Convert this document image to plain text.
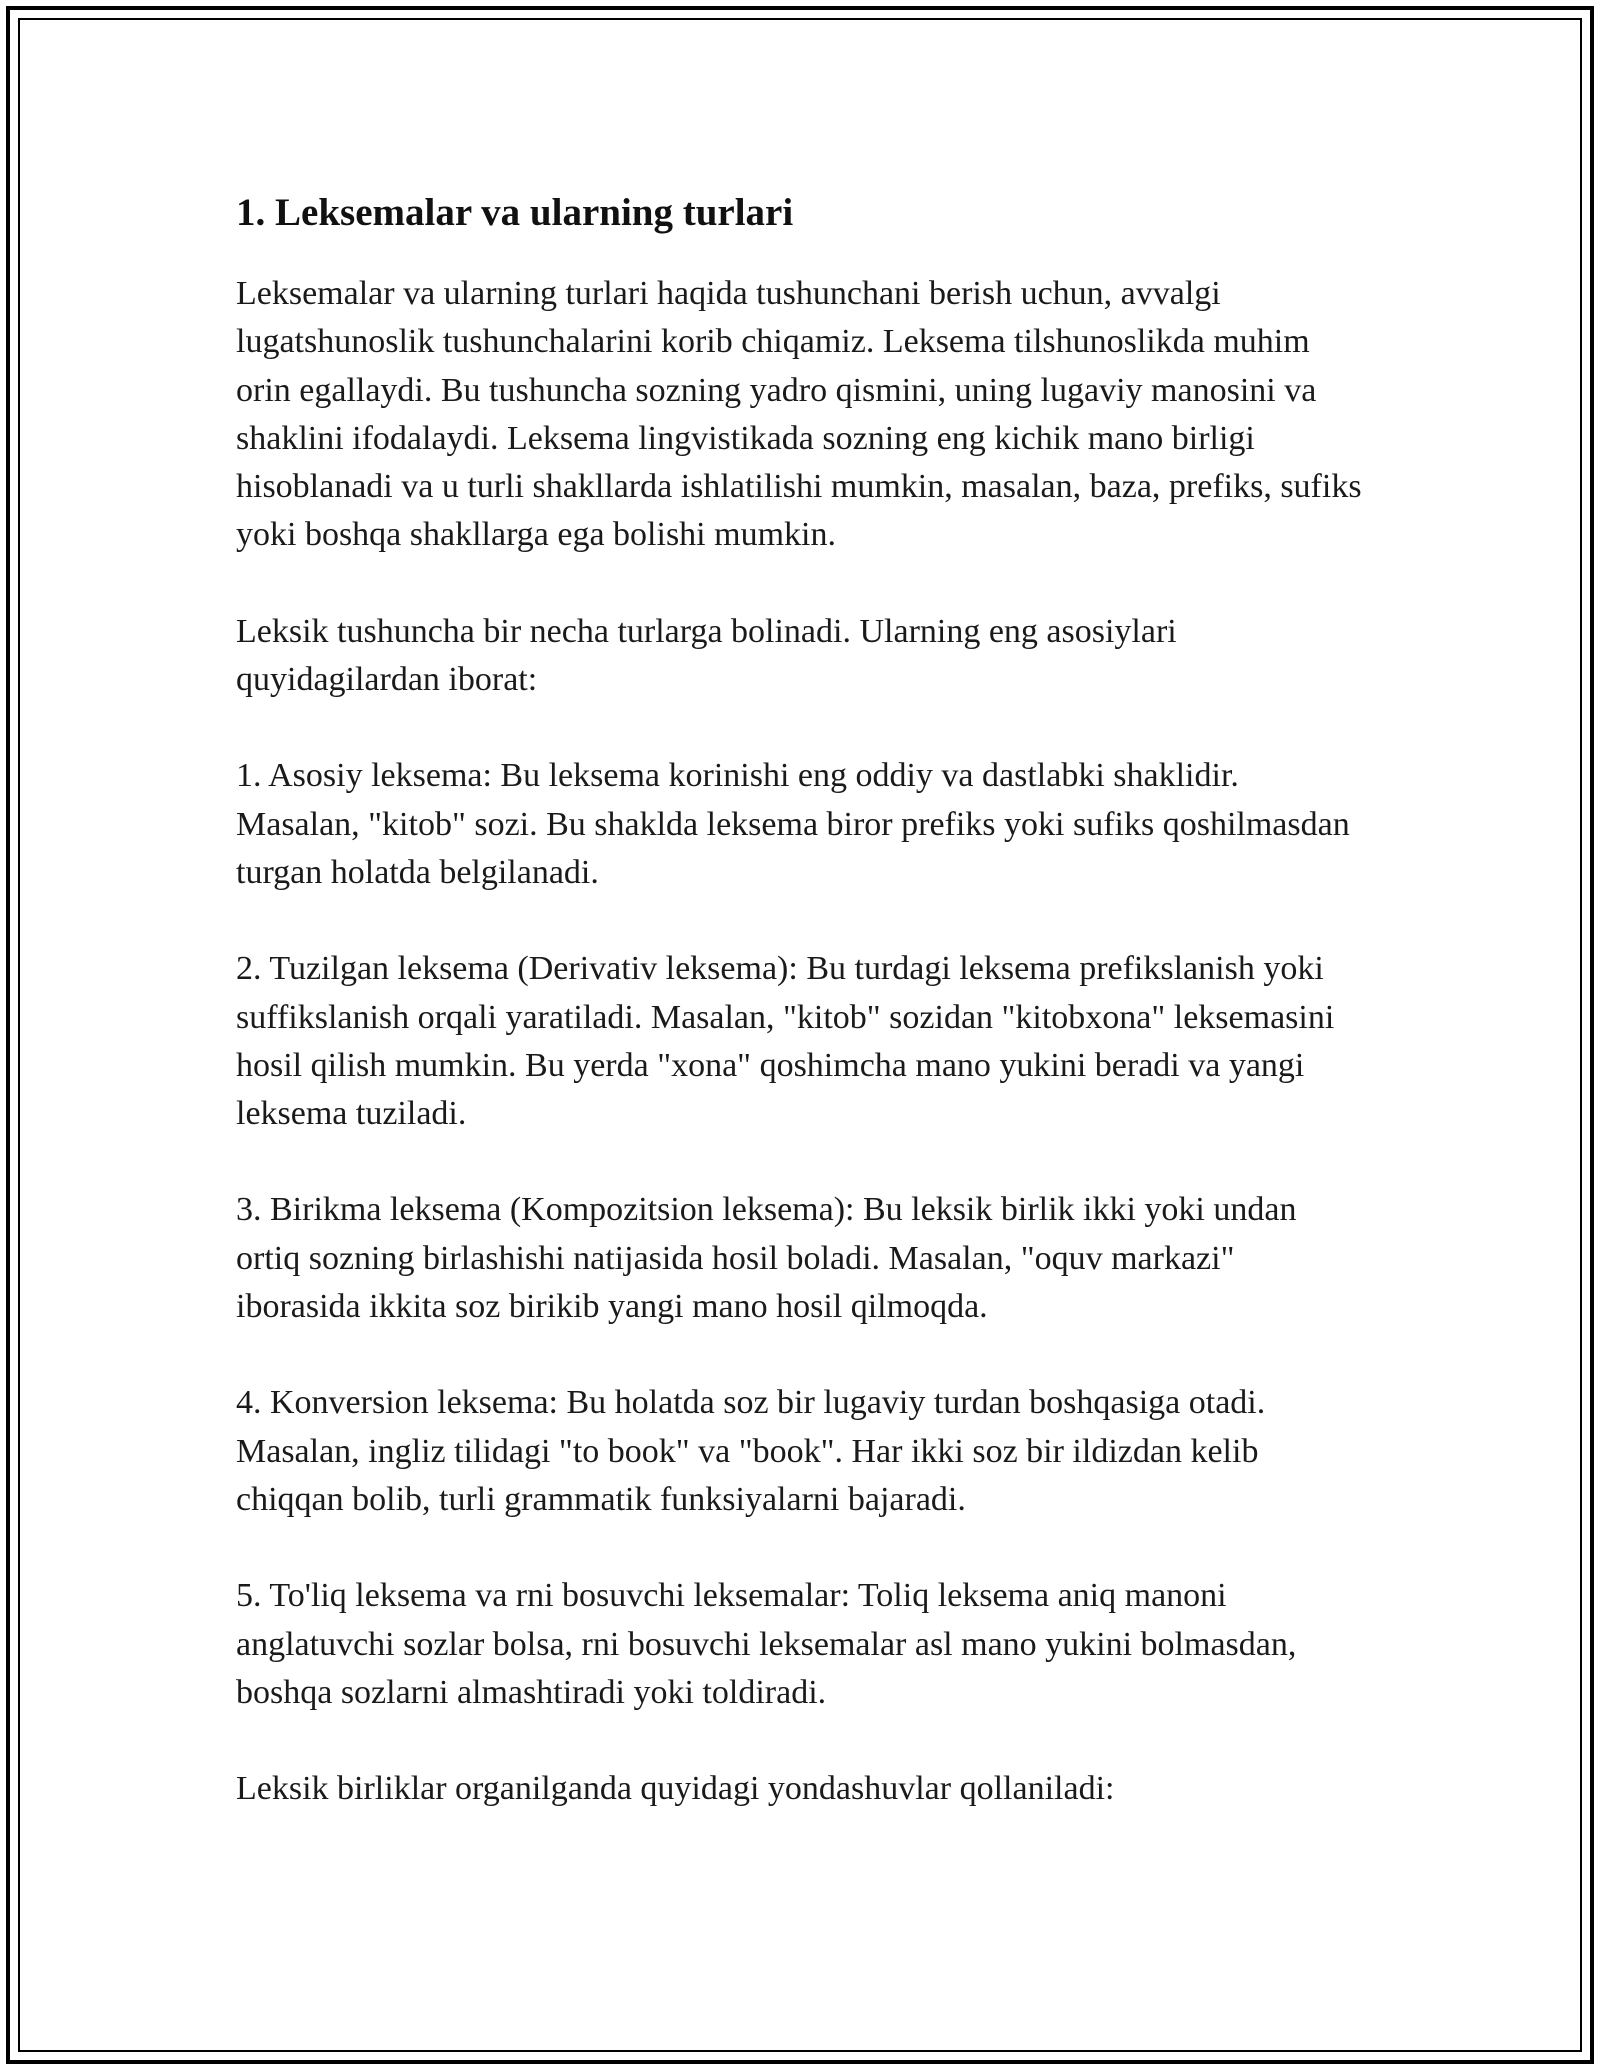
1. Leksemalar va ularning turlari

Leksemalar va ularning turlari haqida tushunchani berish uchun, avvalgi lugatshunoslik tushunchalarini korib chiqamiz. Leksema tilshunoslikda muhim orin egallaydi. Bu tushuncha sozning yadro qismini, uning lugaviy manosini va shaklini ifodalaydi. Leksema lingvistikada sozning eng kichik mano birligi hisoblanadi va u turli shakllarda ishlatilishi mumkin, masalan, baza, prefiks, sufiks yoki boshqa shakllarga ega bolishi mumkin.

Leksik tushuncha bir necha turlarga bolinadi. Ularning eng asosiylari quyidagilardan iborat:

1. Asosiy leksema: Bu leksema korinishi eng oddiy va dastlabki shaklidir. Masalan, "kitob" sozi. Bu shaklda leksema biror prefiks yoki sufiks qoshilmasdan turgan holatda belgilanadi.

2. Tuzilgan leksema (Derivativ leksema): Bu turdagi leksema prefikslanish yoki suffikslanish orqali yaratiladi. Masalan, "kitob" sozidan "kitobxona" leksemasini hosil qilish mumkin. Bu yerda "xona" qoshimcha mano yukini beradi va yangi leksema tuziladi.

3. Birikma leksema (Kompozitsion leksema): Bu leksik birlik ikki yoki undan ortiq sozning birlashishi natijasida hosil boladi. Masalan, "oquv markazi" iborasida ikkita soz birikib yangi mano hosil qilmoqda.

4. Konversion leksema: Bu holatda soz bir lugaviy turdan boshqasiga otadi. Masalan, ingliz tilidagi "to book" va "book". Har ikki soz bir ildizdan kelib chiqqan bolib, turli grammatik funksiyalarni bajaradi.

5. To'liq leksema va rni bosuvchi leksemalar: Toliq leksema aniq manoni anglatuvchi sozlar bolsa, rni bosuvchi leksemalar asl mano yukini bolmasdan, boshqa sozlarni almashtiradi yoki toldiradi.

Leksik birliklar organilganda quyidagi yondashuvlar qollaniladi:
